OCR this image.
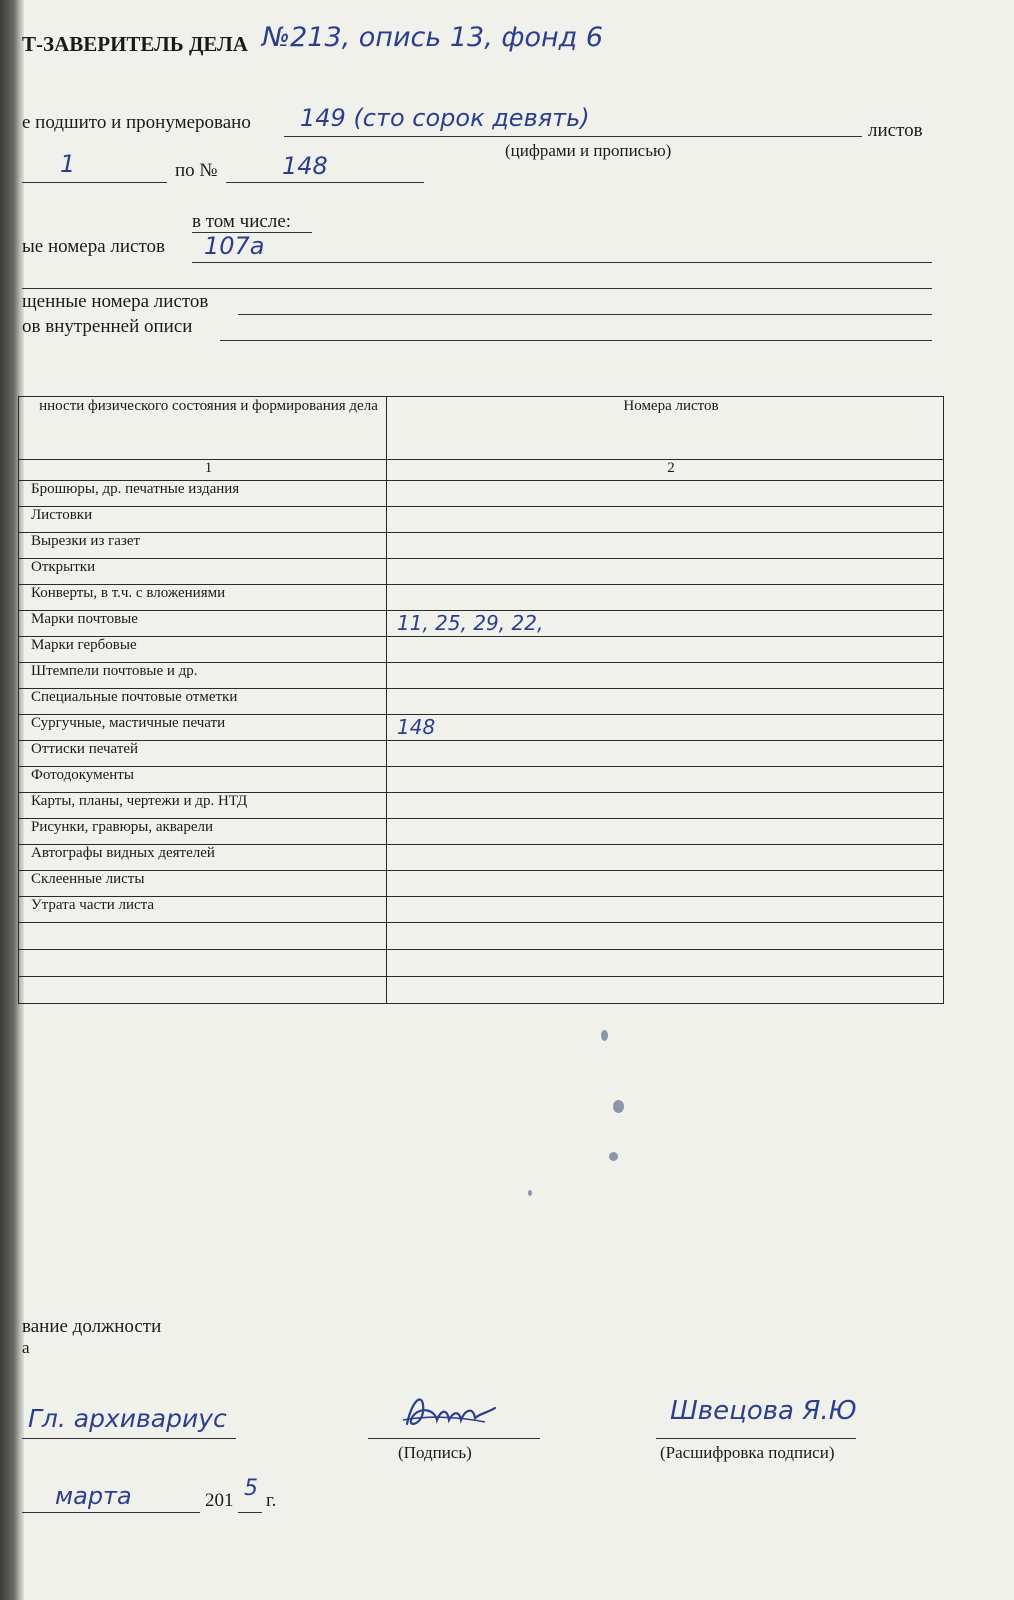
Т-ЗАВЕРИТЕЛЬ ДЕЛА №213, опись 13, фонд 6
е подшито и пронумеровано 149 (сто сорок девять)	листов
(цифрами и прописью)
1	по №	148
в том числе:
ые номера листов 107а
щенные номера листов
ов внутренней описи
нности физического состояния и формирования дела	Номера листов
1	2
Брошюры, др. печатные издания	
Листовки	
Вырезки из газет	
Открытки	
Конверты, в т.ч. с вложениями	
Марки почтовые	11, 25, 29, 22,
Марки гербовые	
Штемпели почтовые и др.	
Специальные почтовые отметки	
Сургучные, мастичные печати	148
Оттиски печатей	
Фотодокументы	
Карты, планы, чертежи и др. НТД	
Рисунки, гравюры, акварели	
Автографы видных деятелей	
Склеенные листы	
Утрата части листа	

вание должности
а
Гл. архивариус
(Подпись)
Швецова Я.Ю
(Расшифровка подписи)
марта	201 5 г.
